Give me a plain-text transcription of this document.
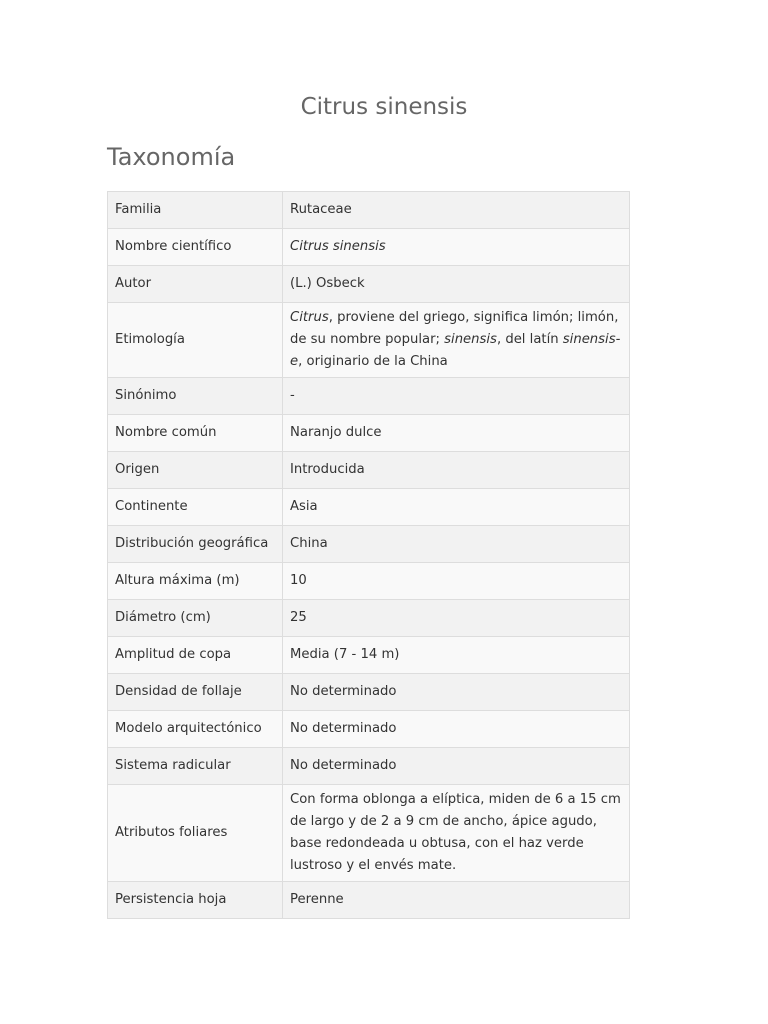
Citrus sinensis
Taxonomía
Familia	Rutaceae
Nombre científico	Citrus sinensis
Autor	(L.) Osbeck
Etimología	Citrus, proviene del griego, significa limón; limón, de su nombre popular; sinensis, del latín sinensis-e, originario de la China
Sinónimo	-
Nombre común	Naranjo dulce
Origen	Introducida
Continente	Asia
Distribución geográfica	China
Altura máxima (m)	10
Diámetro (cm)	25
Amplitud de copa	Media (7 - 14 m)
Densidad de follaje	No determinado
Modelo arquitectónico	No determinado
Sistema radicular	No determinado
Atributos foliares	Con forma oblonga a elíptica, miden de 6 a 15 cm de largo y de 2 a 9 cm de ancho, ápice agudo, base redondeada u obtusa, con el haz verde lustroso y el envés mate.
Persistencia hoja	Perenne
